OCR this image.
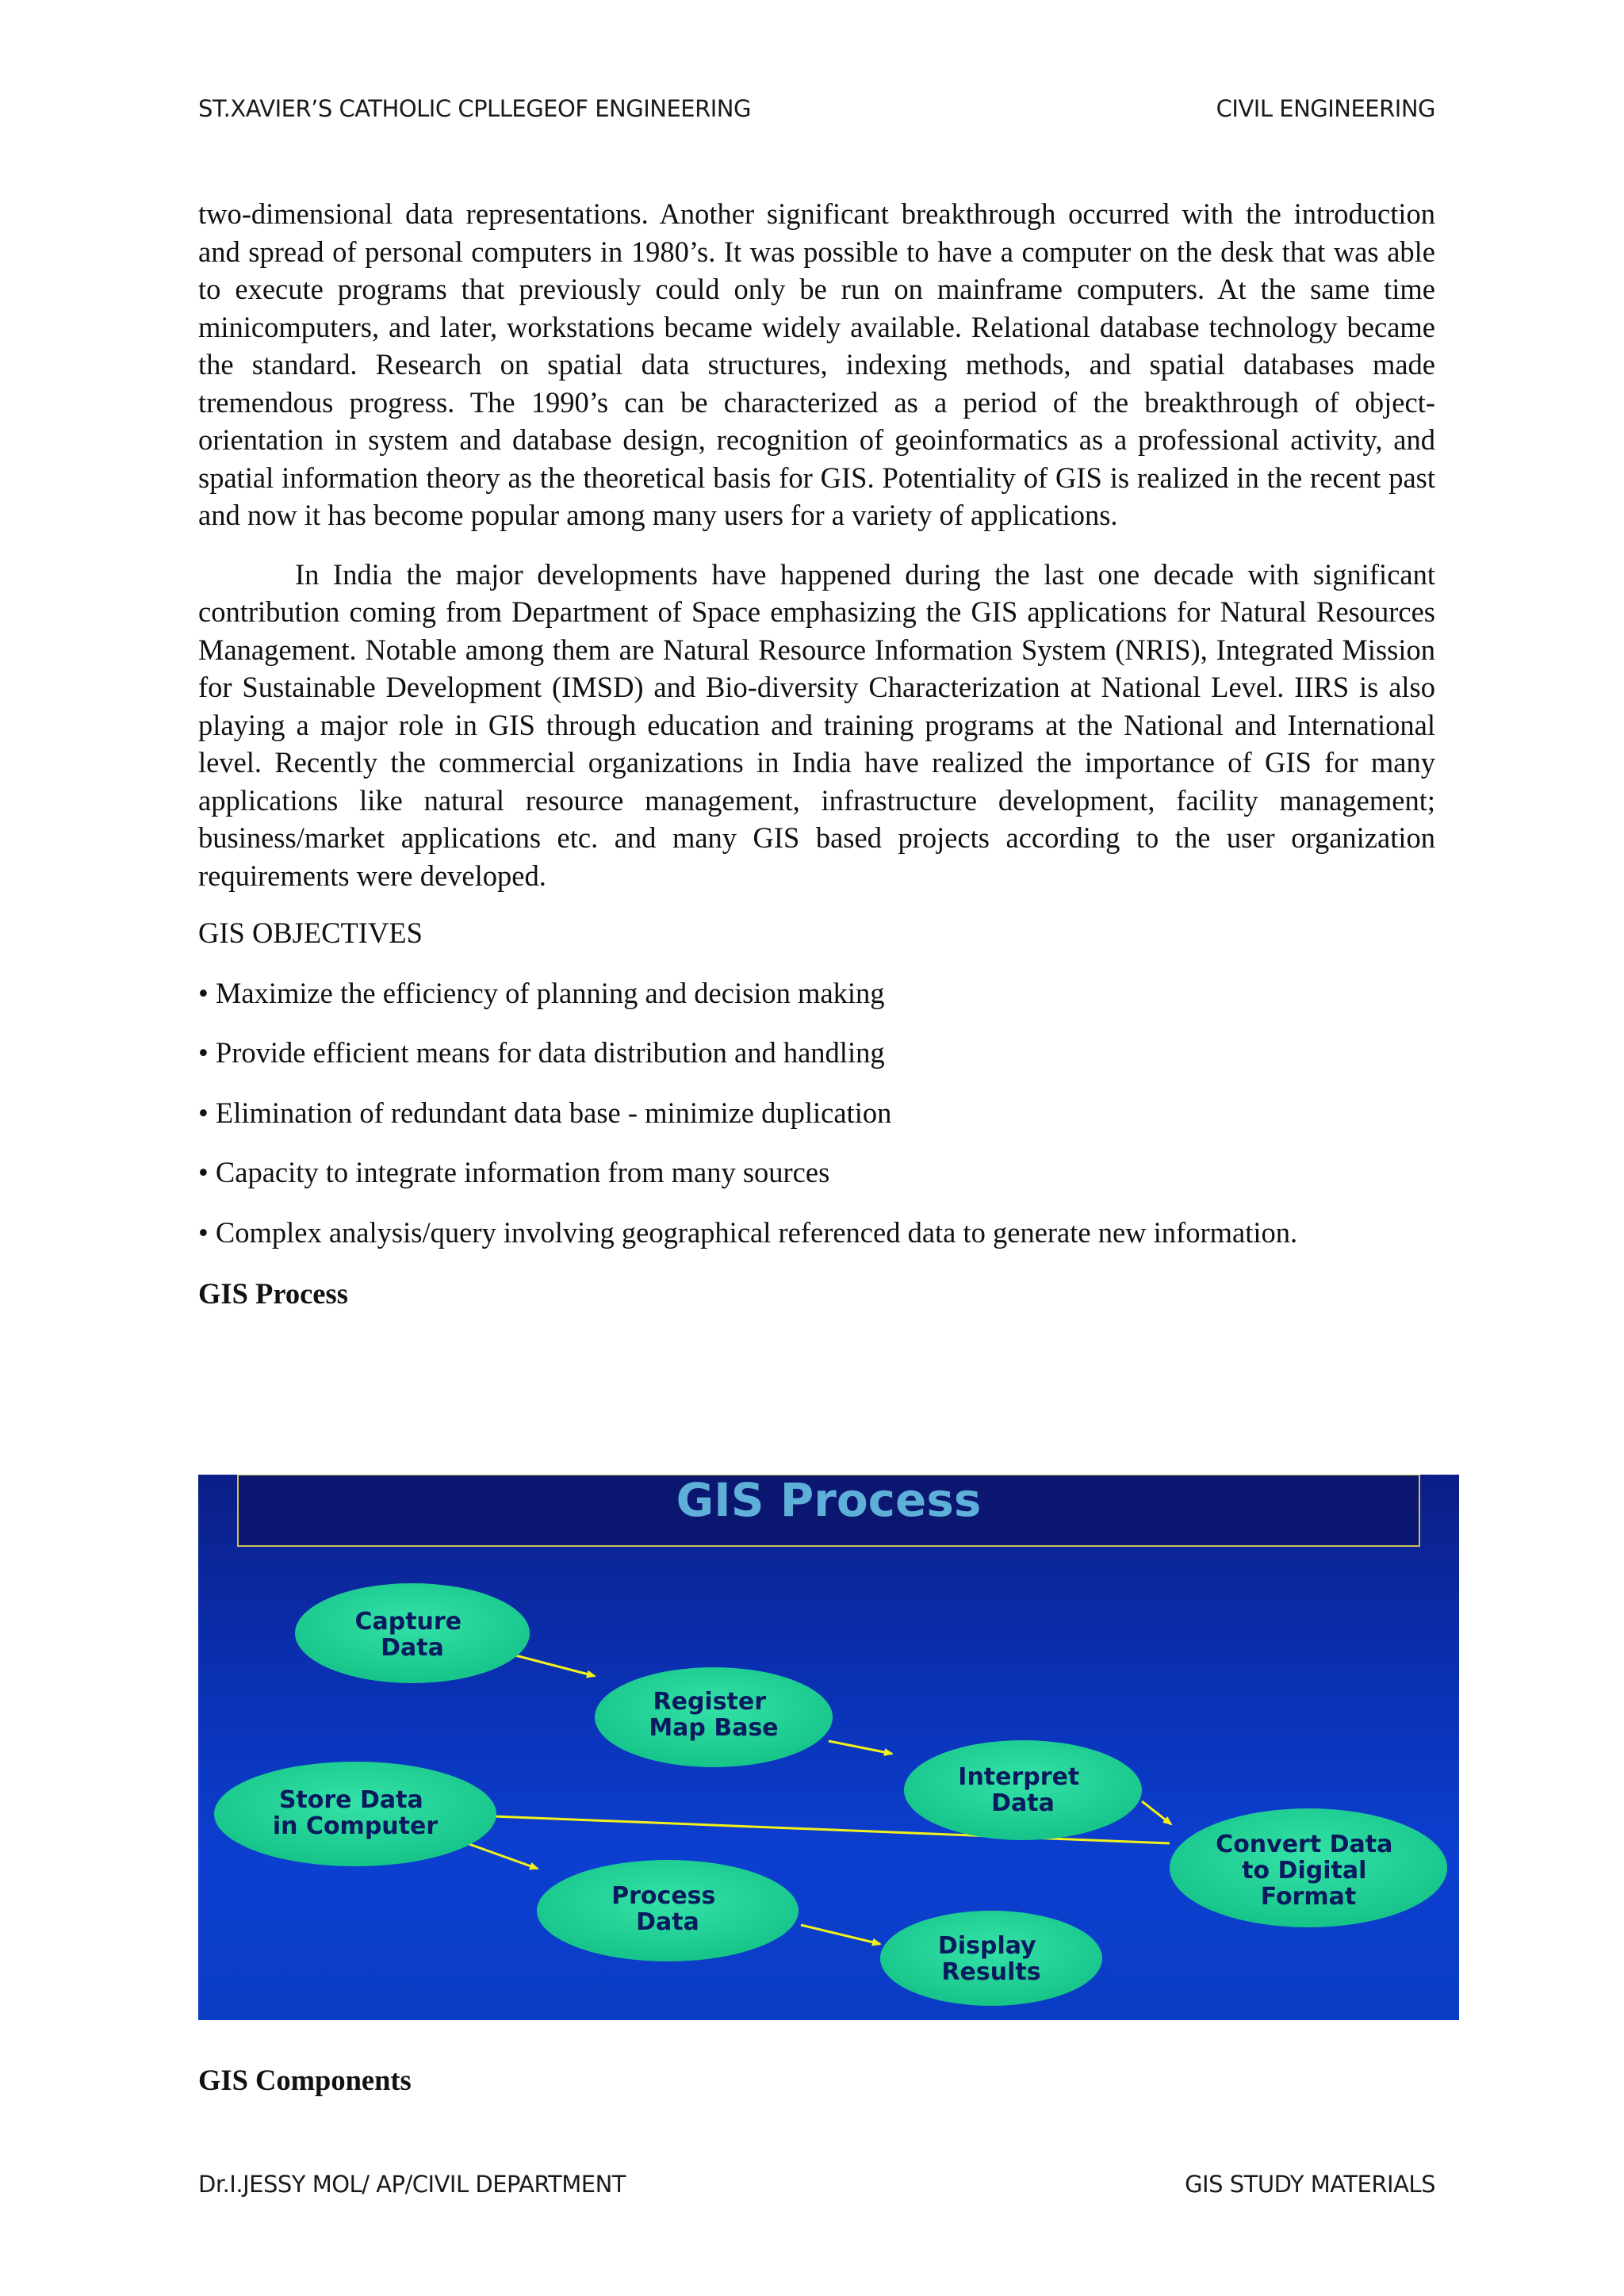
ST.XAVIER’S CATHOLIC CPLLEGEOF ENGINEERING	CIVIL ENGINEERING

two-dimensional data representations. Another significant breakthrough occurred with the introduction and spread of personal computers in 1980’s. It was possible to have a computer on the desk that was able to execute programs that previously could only be run on mainframe computers. At the same time minicomputers, and later, workstations became widely available. Relational database technology became the standard. Research on spatial data structures, indexing methods, and spatial databases made tremendous progress. The 1990’s can be characterized as a period of the breakthrough of object-orientation in system and database design, recognition of geoinformatics as a professional activity, and spatial information theory as the theoretical basis for GIS. Potentiality of GIS is realized in the recent past and now it has become popular among many users for a variety of applications.

In India the major developments have happened during the last one decade with significant contribution coming from Department of Space emphasizing the GIS applications for Natural Resources Management. Notable among them are Natural Resource Information System (NRIS), Integrated Mission for Sustainable Development (IMSD) and Bio-diversity Characterization at National Level. IIRS is also playing a major role in GIS through education and training programs at the National and International level. Recently the commercial organizations in India have realized the importance of GIS for many applications like natural resource management, infrastructure development, facility management; business/market applications etc. and many GIS based projects according to the user organization requirements were developed.

GIS OBJECTIVES
• Maximize the efficiency of planning and decision making
• Provide efficient means for data distribution and handling
• Elimination of redundant data base - minimize duplication
• Capacity to integrate information from many sources
• Complex analysis/query involving geographical referenced data to generate new information.
GIS Process
GIS Process
Capture Data
Register Map Base
Interpret Data
Convert Data to Digital Format
Store Data in Computer
Process Data
Display Results
GIS Components
Dr.I.JESSY MOL/ AP/CIVIL DEPARTMENT	GIS STUDY MATERIALS
